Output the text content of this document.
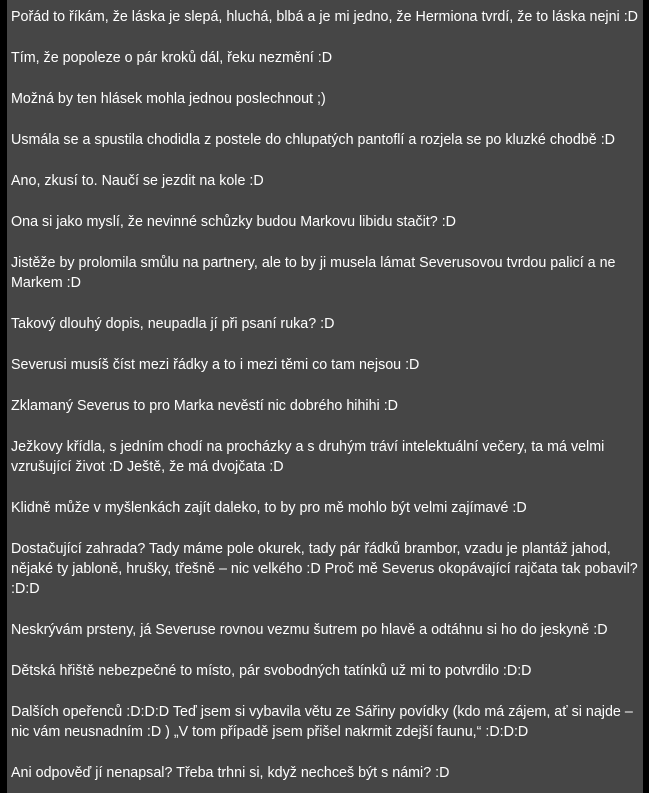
Pořád to říkám, že láska je slepá, hluchá, blbá a je mi jedno, že Hermiona tvrdí, že to láska nejni :D

Tím, že popoleze o pár kroků dál, řeku nezmění :D

Možná by ten hlásek mohla jednou poslechnout ;)

Usmála se a spustila chodidla z postele do chlupatých pantoflí a rozjela se po kluzké chodbě :D

Ano, zkusí to. Naučí se jezdit na kole :D

Ona si jako myslí, že nevinné schůzky budou Markovu libidu stačit? :D

Jistěže by prolomila smůlu na partnery, ale to by ji musela lámat Severusovou tvrdou palicí a ne Markem :D

Takový dlouhý dopis, neupadla jí při psaní ruka? :D

Severusi musíš číst mezi řádky a to i mezi těmi co tam nejsou :D

Zklamaný Severus to pro Marka nevěstí nic dobrého hihihi :D

Ježkovy křídla, s jedním chodí na procházky a s druhým tráví intelektuální večery, ta má velmi vzrušující život :D Ještě, že má dvojčata :D

Klidně může v myšlenkách zajít daleko, to by pro mě mohlo být velmi zajímavé :D

Dostačující zahrada? Tady máme pole okurek, tady pár řádků brambor, vzadu je plantáž jahod, nějaké ty jabloně, hrušky, třešně – nic velkého :D Proč mě Severus okopávající rajčata tak pobavil? :D:D

Neskrývám prsteny, já Severuse rovnou vezmu šutrem po hlavě a odtáhnu si ho do jeskyně :D

Dětská hřiště nebezpečné to místo, pár svobodných tatínků už mi to potvrdilo :D:D

Dalších opeřenců :D:D:D Teď jsem si vybavila větu ze Sářiny povídky (kdo má zájem, ať si najde – nic vám neusnadním :D ) „V tom případě jsem přišel nakrmit zdejší faunu,“ :D:D:D

Ani odpověď jí nenapsal? Třeba trhni si, když nechceš být s námi? :D
